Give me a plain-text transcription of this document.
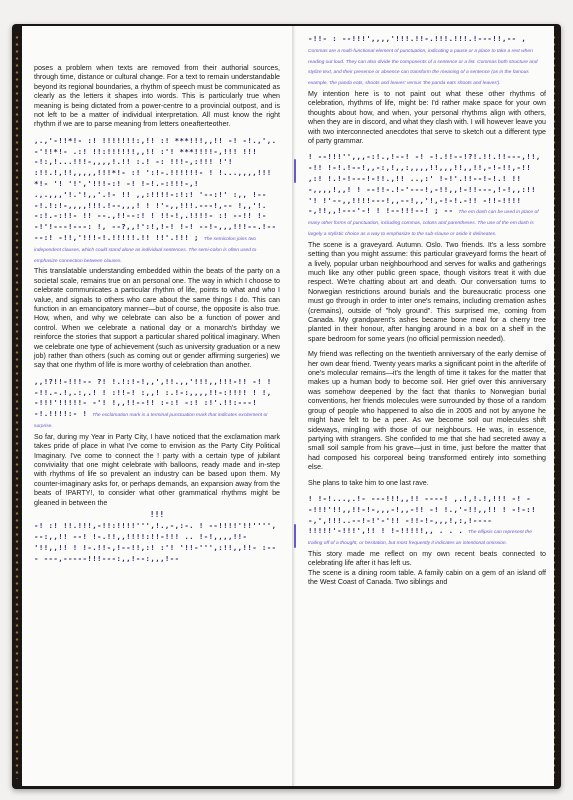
poses a problem when texts are removed from their authorial sources, through time, distance or cultural change. For a text to remain understandable beyond its regional boundaries, a rhythm of speech must be communicated as clearly as the letters it shapes into words. This is particularly true when meaning is being dictated from a power-centre to a provincial outpost, and is not left to be a matter of individual interpretation. All must know the right rhythm if we are to parse meaning from letters oneafterteother.

,.,'-!!*!- :! !!!!!!!:,!! :! ***!!!,,!! -! -!.,',.-'!!*!- .:! !!:!!!!!!,,!! :'! ***!!!!-,!!! !!! -!:,!...!!!-,,,,!.!! :.! -: !!!-,:!!! !'! :!!.!,!!,,,,,!!!*!- :! ':!-.!!!!!!- ! !...,,,,!!!*!- '! '!','!!!-:! -! !-!.-:!!!-,! .,.,,,'!.'!,,'.!- !! ,,:!!!!-:!:! '--:!' :,, !---!.!:!-,,,,!!!.!--,,,! ! !'-,,!!!.---!,-- !,,'!.-:!.-:!!- !! --.,!!--:! ! !!-!,.!!!!- :! --!! !--!'!---!---: !, --?,,!':!,!-! !-! --!-,,,!!!--.!-- --:! -!!,'!!!-!.!!!!!.!! !!'.!!! ; The semicolon joins two independent clauses, which could stand alone as individual sentences. The semi-colon is often used to emphasize connection between clauses.

This translatable understanding embedded within the beats of the party on a societal scale, remains true on an personal one. The way in which I choose to celebrate communicates a particular rhythm of life, points to what and who I value, and signals to others who care about the same things I do. This can function in an emancipatory manner—but of course, the opposite is also true. How, when, and why we celebrate can also be a function of power and control. When we celebrate a national day or a monarch's birthday we reinforce the stories that support a particular shared political imaginary. When we celebrate one type of achievement (such as university graduation or a new job) rather than others (such as coming out or gender affirming surgeries) we say that one rhythm of life is more worthy of celebration than another.

,,!?!!-!!!-- ?! !.!:!-!,,',!!.,,'!!!,,!!!-!! -! !-!!.-.!,.:,.! ! :!!-! :,,! :.!-:,,,,!!-:!!!! ! !,-!!!'!!!!!- -'! !,,!!--!! :-:! -:! :!'.!!:---! -!.!!!!:- ! The exclamation mark is a terminal punctuation mark that indicates excitement or surprise.

So far, during my Year in Party City, I have noticed that the exclamation mark takes pride of place in what I've come to envision as the Party City Political Imaginary. I've come to connect the ! party with a certain type of jubilant conviviality that one might celebrate with balloons, ready made and in-step with rhythms of life so prevalent an industry can be based upon them. My counter-imaginary asks for, or perhaps demands, an expansion away from the beats of !PARTY!, to consider what other grammatical rhythms might be gleaned in between the

!!!

-! :! !!.!!!,-!!:!!!!''',!.,-,:-. ! --!!!!'!!'''',--:,,!! --! !-.!!,,!!!!:!!-!!! .. !-!,,,,!!-'!!,,!! ! !-.!!-,!--!!,:! :'! '!!-''',:!!,,!!- :--- ---,-----!!!---:,,!--:,,,!--
-!!- : --!!!',,,,'!!!.!!-.!!!.!!!.!---!!,-- , Commas are a multi-functional element of punctuation, indicating a pause or a place to take a rest when reading out loud. They can also divide the components of a sentence or a list. Commas both structure and stylize text, and their presence or absence can transform the meaning of a sentence (as in the famous example, 'the panda eats, shoots and leaves' versus 'the panda eats shoots and leaves').

My intention here is to not paint out what these other rhythms of celebration, rhythms of life, might be: I'd rather make space for your own thoughts about how, and when, your personal rhythms align with others, when they are in discord, and what they clash with. I will however leave you with two interconnected anecdotes that serve to sketch out a different type of party grammar.

! --!!!'',,,-:!.,!--! -! -!.!!--!?!.!!.!!---,!!,-!! !-!.!--!,,-:,!,,:,,,,!!,,,!!,,!!,-!-!!,-!! ,:! !.!-!---!-!!.,!! ..,:' !-!'.!!--!-!.! !!-,,,,!,,! ! --!!-.!-'---!,-!!,,!-!!---,!-!,,:!! '! !'--,,!!!!---!,,--!,,'!,-!-!.-!! -!!-!!!!-,!!,,!---'-! ! !--!!!--! ; -- The em dash can be used in place of many other forms of punctuation, including commas, colons and parentheses. The use of the em dash is largely a stylistic choice as a way to emphasize to the sub-clause or aside it delineates.

The scene is a graveyard. Autumn. Oslo. Two friends. It's a less sombre setting than you might assume: this particular graveyard forms the heart of a lively, popular urban neighbourhood and serves for walks and gatherings much like any other public green space, though visitors treat it with due respect. We're chatting about art and death. Our conversation turns to Norwegian restrictions around burials and the bureaucratic process one must go through in order to inter one's remains, including cremation ashes (cremains), outside of "holy ground". This surprised me, coming from Canada. My grandparent's ashes became bone meal for a cherry tree planted in their honour, after hanging around in a box on a shelf in the spare bedroom for some years (no official permission needed).

My friend was reflecting on the twentieth anniversary of the early demise of her own dear friend. Twenty years marks a significant point in the afterlife of one's molecular remains—it's the length of time it takes for the matter that makes up a human body to become soil. Her grief over this anniversary was somehow deepened by the fact that thanks to Norwegian burial conventions, her friends molecules were surrounded by those of a random group of people who happened to also die in 2005 and not by anyone he might have felt to be a peer. As we become soil our molecules shift sideways, mingling with those of our neighbours. He was, in essence, partying with strangers. She confided to me that she had secreted away a small soil sample from his grave—just in time, just before the matter that had composed his corporeal being transformed entirely into something else.

She plans to take him to one last rave.

! !-!...,.!- ---!!!,,!! ----! ,.!,!.!,!!! -! --!!!'!!,,!!-!-,,,-!,,-!! -! !.,'-!!,,!! ! -!-:!-,',!!!..--!-!'-'!! -!!-!-,,,!,:,!---- !!!!!'-!!!',!! ! !-!!!!!,, . . . The ellipsis can represent the trailing off of a thought, or hesitation, but most frequently it indicates an intentional omission.

This story made me reflect on my own recent beats connected to celebrating life after it has left us.

The scene is a dining room table. A family cabin on a gem of an island off the West Coast of Canada. Two siblings and
